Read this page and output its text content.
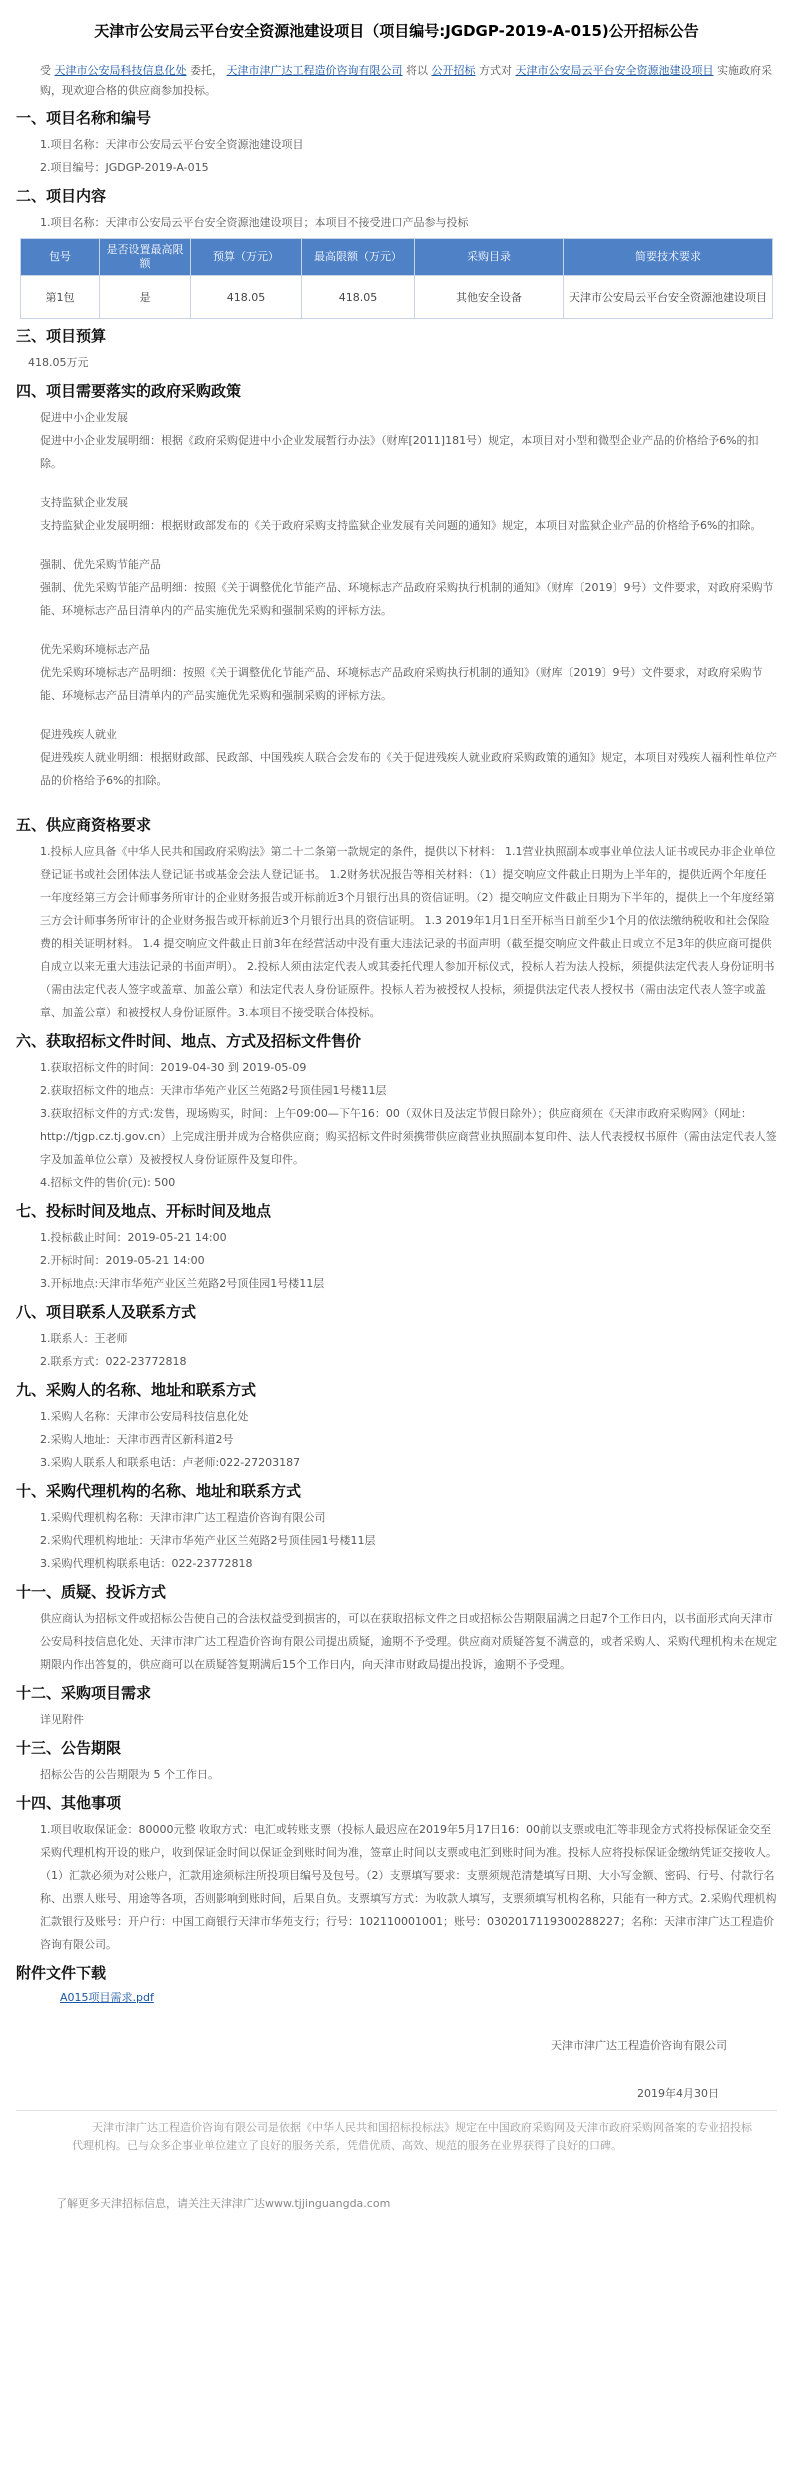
天津市公安局云平台安全资源池建设项目（项目编号:JGDGP-2019-A-015)公开招标公告
受 天津市公安局科技信息化处 委托， 天津市津广达工程造价咨询有限公司 将以 公开招标 方式对 天津市公安局云平台安全资源池建设项目 实施政府采购，现欢迎合格的供应商参加投标。
一、项目名称和编号
1.项目名称：天津市公安局云平台安全资源池建设项目
2.项目编号：JGDGP-2019-A-015
二、项目内容
1.项目名称：天津市公安局云平台安全资源池建设项目；本项目不接受进口产品参与投标
包号	是否设置最高限额	预算（万元）	最高限额（万元）	采购目录	简要技术要求
第1包	是	418.05	418.05	其他安全设备	天津市公安局云平台安全资源池建设项目
三、项目预算
418.05万元
四、项目需要落实的政府采购政策
促进中小企业发展
促进中小企业发展明细：根据《政府采购促进中小企业发展暂行办法》（财库[2011]181号）规定，本项目对小型和微型企业产品的价格给予6%的扣除。
支持监狱企业发展
支持监狱企业发展明细：根据财政部发布的《关于政府采购支持监狱企业发展有关问题的通知》规定，本项目对监狱企业产品的价格给予6%的扣除。
强制、优先采购节能产品
强制、优先采购节能产品明细：按照《关于调整优化节能产品、环境标志产品政府采购执行机制的通知》（财库〔2019〕9号）文件要求，对政府采购节能、环境标志产品目清单内的产品实施优先采购和强制采购的评标方法。
优先采购环境标志产品
优先采购环境标志产品明细：按照《关于调整优化节能产品、环境标志产品政府采购执行机制的通知》（财库〔2019〕9号）文件要求，对政府采购节能、环境标志产品目清单内的产品实施优先采购和强制采购的评标方法。
促进残疾人就业
促进残疾人就业明细：根据财政部、民政部、中国残疾人联合会发布的《关于促进残疾人就业政府采购政策的通知》规定，本项目对残疾人福利性单位产品的价格给予6%的扣除。
五、供应商资格要求
1.投标人应具备《中华人民共和国政府采购法》第二十二条第一款规定的条件，提供以下材料： 1.1营业执照副本或事业单位法人证书或民办非企业单位登记证书或社会团体法人登记证书或基金会法人登记证书。 1.2财务状况报告等相关材料：（1）提交响应文件截止日期为上半年的，提供近两个年度任一年度经第三方会计师事务所审计的企业财务报告或开标前近3个月银行出具的资信证明。（2）提交响应文件截止日期为下半年的，提供上一个年度经第三方会计师事务所审计的企业财务报告或开标前近3个月银行出具的资信证明。 1.3 2019年1月1日至开标当日前至少1个月的依法缴纳税收和社会保险费的相关证明材料。 1.4 提交响应文件截止日前3年在经营活动中没有重大违法记录的书面声明（截至提交响应文件截止日或立不足3年的供应商可提供自成立以来无重大违法记录的书面声明）。 2.投标人须由法定代表人或其委托代理人参加开标仪式，投标人若为法人投标，须提供法定代表人身份证明书（需由法定代表人签字或盖章、加盖公章）和法定代表人身份证原件。投标人若为被授权人投标，须提供法定代表人授权书（需由法定代表人签字或盖章、加盖公章）和被授权人身份证原件。3.本项目不接受联合体投标。
六、获取招标文件时间、地点、方式及招标文件售价
1.获取招标文件的时间：2019-04-30 到 2019-05-09
2.获取招标文件的地点：天津市华苑产业区兰苑路2号顶佳园1号楼11层
3.获取招标文件的方式:发售，现场购买，时间：上午09:00—下午16：00（双休日及法定节假日除外）；供应商须在《天津市政府采购网》（网址：http://tjgp.cz.tj.gov.cn）上完成注册并成为合格供应商；购买招标文件时须携带供应商营业执照副本复印件、法人代表授权书原件（需由法定代表人签字及加盖单位公章）及被授权人身份证原件及复印件。
4.招标文件的售价(元): 500
七、投标时间及地点、开标时间及地点
1.投标截止时间：2019-05-21 14:00
2.开标时间：2019-05-21 14:00
3.开标地点:天津市华苑产业区兰苑路2号顶佳园1号楼11层
八、项目联系人及联系方式
1.联系人：王老师
2.联系方式：022-23772818
九、采购人的名称、地址和联系方式
1.采购人名称：天津市公安局科技信息化处
2.采购人地址：天津市西青区新科道2号
3.采购人联系人和联系电话：卢老师:022-27203187
十、采购代理机构的名称、地址和联系方式
1.采购代理机构名称：天津市津广达工程造价咨询有限公司
2.采购代理机构地址：天津市华苑产业区兰苑路2号顶佳园1号楼11层
3.采购代理机构联系电话：022-23772818
十一、质疑、投诉方式
供应商认为招标文件或招标公告使自己的合法权益受到损害的，可以在获取招标文件之日或招标公告期限届满之日起7个工作日内，以书面形式向天津市公安局科技信息化处、天津市津广达工程造价咨询有限公司提出质疑，逾期不予受理。供应商对质疑答复不满意的，或者采购人、采购代理机构未在规定期限内作出答复的，供应商可以在质疑答复期满后15个工作日内，向天津市财政局提出投诉，逾期不予受理。
十二、采购项目需求
详见附件
十三、公告期限
招标公告的公告期限为 5 个工作日。
十四、其他事项
1.项目收取保证金：80000元整 收取方式：电汇或转账支票（投标人最迟应在2019年5月17日16：00前以支票或电汇等非现金方式将投标保证金交至采购代理机构开设的账户，收到保证金时间以保证金到账时间为准，签章止时间以支票或电汇到账时间为准。投标人应将投标保证金缴纳凭证交接收人。（1）汇款必须为对公账户，汇款用途须标注所投项目编号及包号。（2）支票填写要求：支票须规范清楚填写日期、大小写金额、密码、行号、付款行名称、出票人账号、用途等各项，否则影响到账时间，后果自负。支票填写方式：为收款人填写，支票须填写机构名称，只能有一种方式。2.采购代理机构汇款银行及账号：开户行：中国工商银行天津市华苑支行；行号：102110001001；账号：0302017119300288227；名称：天津市津广达工程造价咨询有限公司。
附件文件下载
A015项目需求.pdf
天津市津广达工程造价咨询有限公司
2019年4月30日
天津市津广达工程造价咨询有限公司是依据《中华人民共和国招标投标法》规定在中国政府采购网及天津市政府采购网备案的专业招投标代理机构。已与众多企事业单位建立了良好的服务关系，凭借优质、高效、规范的服务在业界获得了良好的口碑。
了解更多天津招标信息，请关注天津津广达www.tjjinguangda.com
